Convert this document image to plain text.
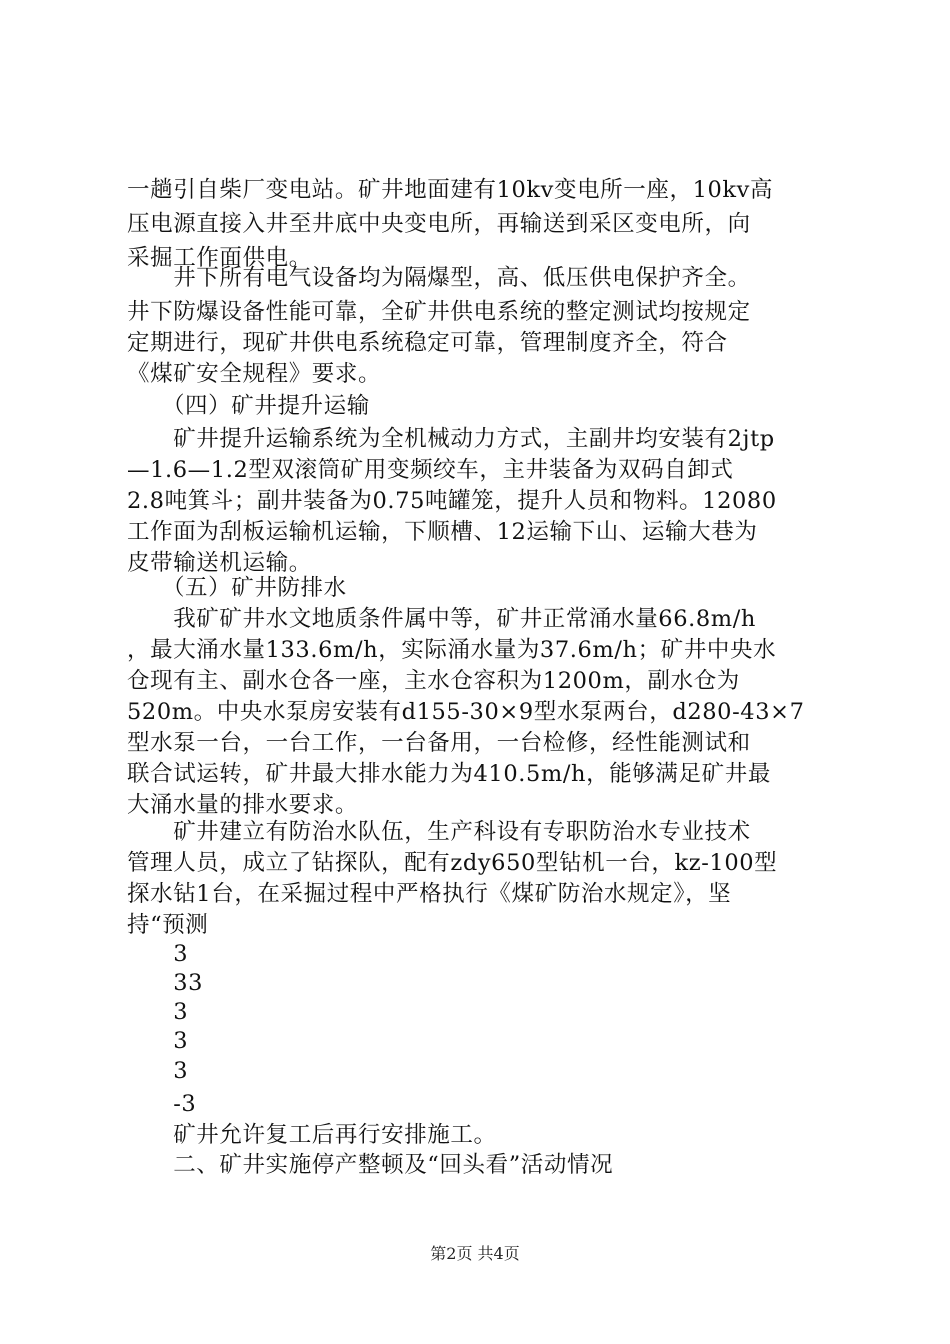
一趟引自柴厂变电站。矿井地面建有10kv变电所一座，10kv高
压电源直接入井至井底中央变电所，再输送到采区变电所，向
采掘工作面供电。
　　井下所有电气设备均为隔爆型，高、低压供电保护齐全。
井下防爆设备性能可靠，全矿井供电系统的整定测试均按规定
定期进行，现矿井供电系统稳定可靠，管理制度齐全，符合
《煤矿安全规程》要求。
　　（四）矿井提升运输
　　矿井提升运输系统为全机械动力方式，主副井均安装有2jtp
—1.6—1.2型双滚筒矿用变频绞车，主井装备为双码自卸式
2.8吨箕斗；副井装备为0.75吨罐笼，提升人员和物料。12080
工作面为刮板运输机运输，下顺槽、12运输下山、运输大巷为
皮带输送机运输。
　　（五）矿井防排水
　　我矿矿井水文地质条件属中等，矿井正常涌水量66.8m/h
，最大涌水量133.6m/h，实际涌水量为37.6m/h；矿井中央水
仓现有主、副水仓各一座，主水仓容积为1200m，副水仓为
520m。中央水泵房安装有d155-30×9型水泵两台，d280-43×7
型水泵一台，一台工作，一台备用，一台检修，经性能测试和
联合试运转，矿井最大排水能力为410.5m/h，能够满足矿井最
大涌水量的排水要求。
　　矿井建立有防治水队伍，生产科设有专职防治水专业技术
管理人员，成立了钻探队，配有zdy650型钻机一台，kz-100型
探水钻1台，在采掘过程中严格执行《煤矿防治水规定》，坚
持“预测
　　3
　　33
　　3
　　3
　　3
　　-3
　　矿井允许复工后再行安排施工。
　　二、矿井实施停产整顿及“回头看”活动情况
第2页 共4页
